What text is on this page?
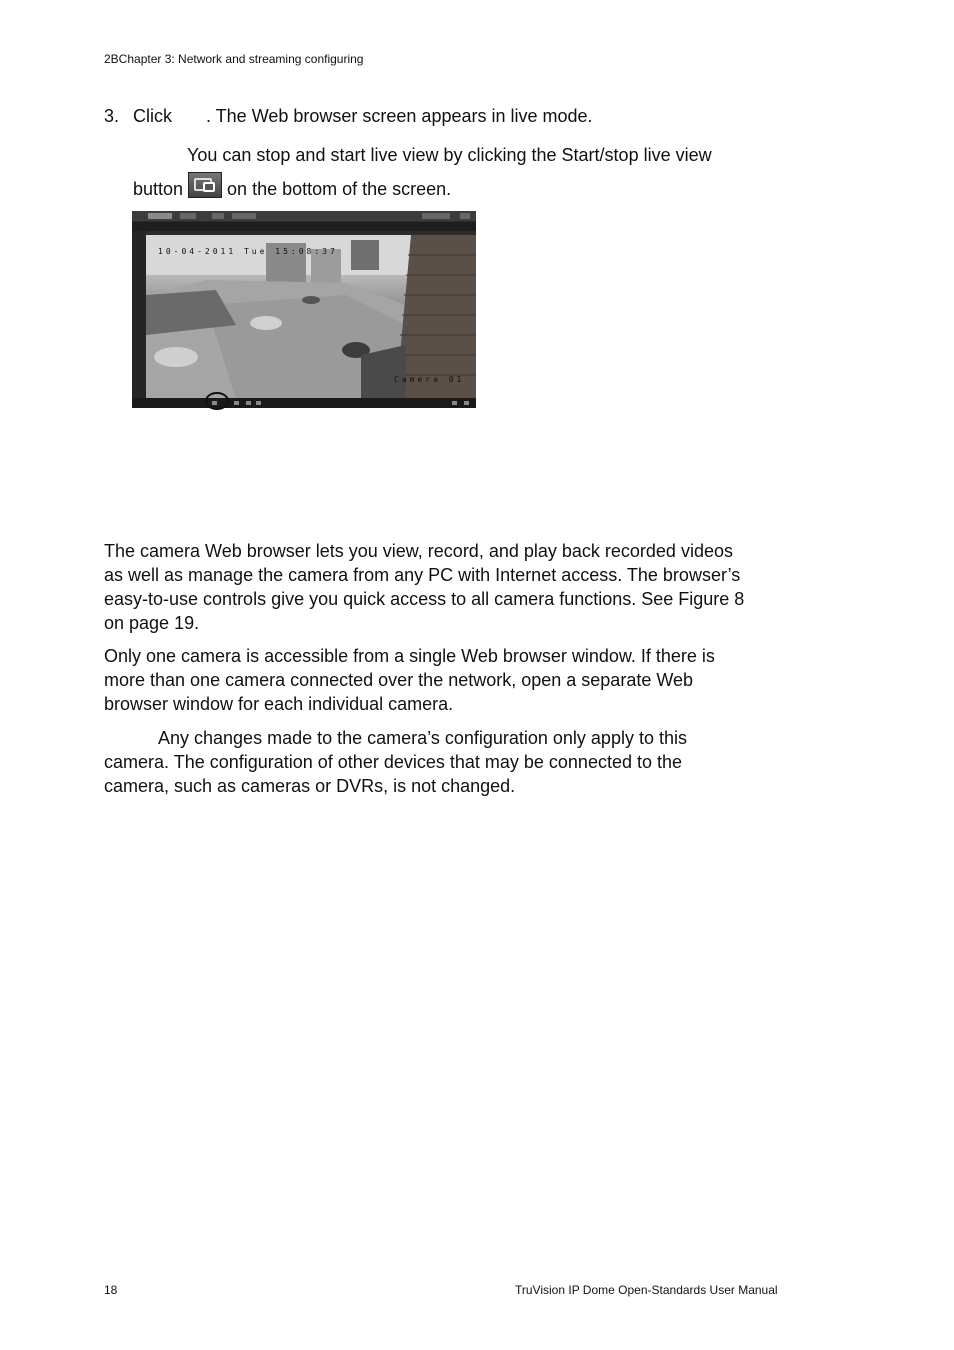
2BChapter 3: Network and streaming configuring
3. Click . The Web browser screen appears in live mode.
You can stop and start live view by clicking the Start/stop live view
button on the bottom of the screen.
10-04-2011 Tue 15:08:37
Camera 01
The camera Web browser lets you view, record, and play back recorded videos
as well as manage the camera from any PC with Internet access. The browser’s
easy-to-use controls give you quick access to all camera functions. See Figure 8
on page 19.
Only one camera is accessible from a single Web browser window. If there is
more than one camera connected over the network, open a separate Web
browser window for each individual camera.
Any changes made to the camera’s configuration only apply to this
camera. The configuration of other devices that may be connected to the
camera, such as cameras or DVRs, is not changed.
18	TruVision IP Dome Open-Standards User Manual
